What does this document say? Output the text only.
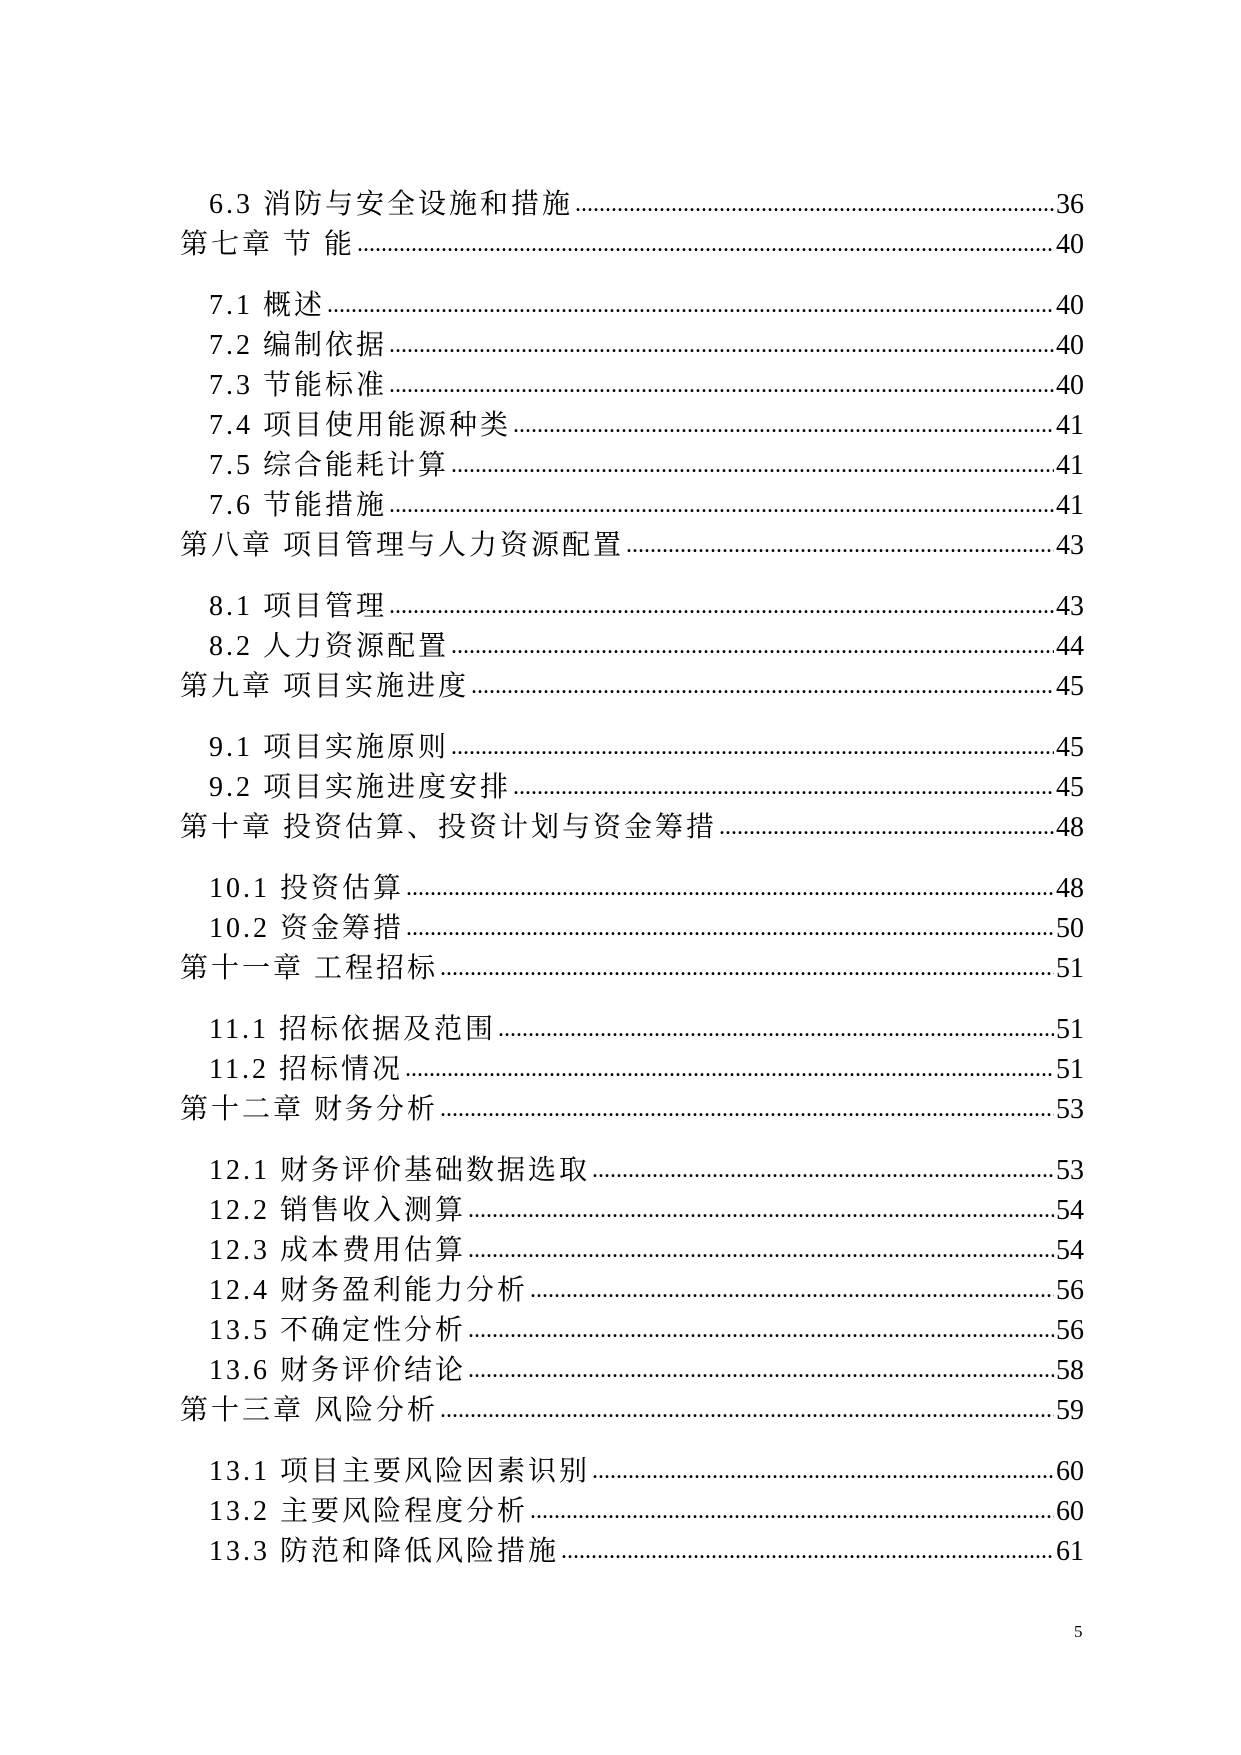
6.3 消防与安全设施和措施 .....	36
第七章 节 能 .....	40
7.1 概述 .....	40
7.2 编制依据 .....	40
7.3 节能标准 .....	40
7.4 项目使用能源种类 .....	41
7.5 综合能耗计算 .....	41
7.6 节能措施 .....	41
第八章 项目管理与人力资源配置 .....	43
8.1 项目管理 .....	43
8.2 人力资源配置 .....	44
第九章 项目实施进度 .....	45
9.1 项目实施原则 .....	45
9.2 项目实施进度安排 .....	45
第十章 投资估算、投资计划与资金筹措 .....	48
10.1 投资估算 .....	48
10.2 资金筹措 .....	50
第十一章 工程招标 .....	51
11.1 招标依据及范围 .....	51
11.2 招标情况 .....	51
第十二章 财务分析 .....	53
12.1 财务评价基础数据选取 .....	53
12.2 销售收入测算 .....	54
12.3 成本费用估算 .....	54
12.4 财务盈利能力分析 .....	56
13.5 不确定性分析 .....	56
13.6 财务评价结论 .....	58
第十三章 风险分析 .....	59
13.1 项目主要风险因素识别 .....	60
13.2 主要风险程度分析 .....	60
13.3 防范和降低风险措施 .....	61
5
